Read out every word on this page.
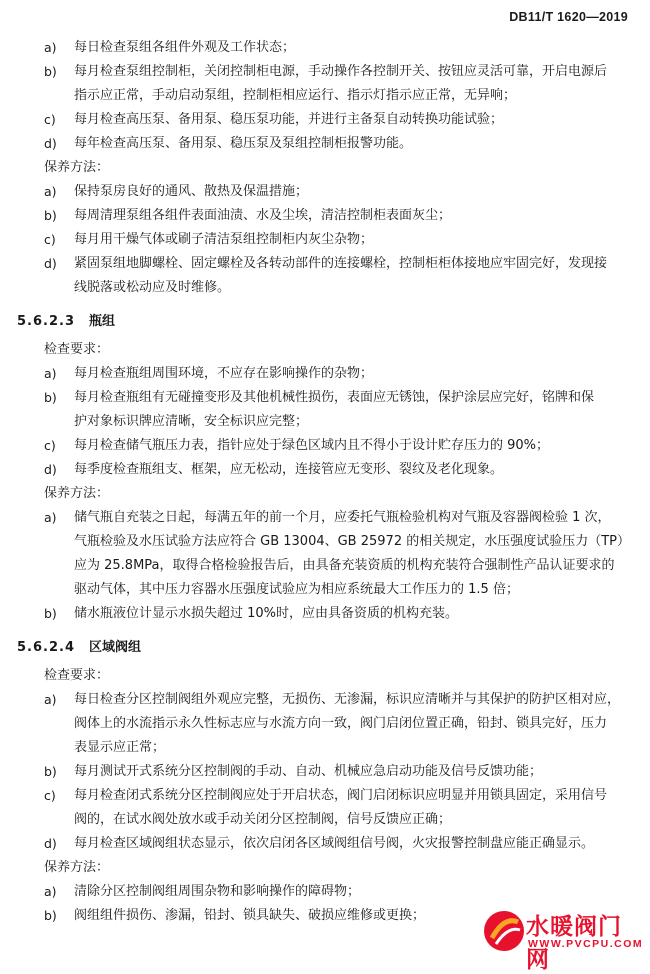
DB11/T 1620—2019
a) 每日检查泵组各组件外观及工作状态；
b) 每月检查泵组控制柜，关闭控制柜电源，手动操作各控制开关、按钮应灵活可靠，开启电源后
指示应正常，手动启动泵组，控制柜相应运行、指示灯指示应正常，无异响；
c) 每月检查高压泵、备用泵、稳压泵功能，并进行主备泵自动转换功能试验；
d) 每年检查高压泵、备用泵、稳压泵及泵组控制柜报警功能。
保养方法：
a) 保持泵房良好的通风、散热及保温措施；
b) 每周清理泵组各组件表面油渍、水及尘埃，清洁控制柜表面灰尘；
c) 每月用干燥气体或刷子清洁泵组控制柜内灰尘杂物；
d) 紧固泵组地脚螺栓、固定螺栓及各转动部件的连接螺栓，控制柜柜体接地应牢固完好，发现接
线脱落或松动应及时维修。
5.6.2.3 瓶组
检查要求：
a) 每月检查瓶组周围环境，不应存在影响操作的杂物；
b) 每月检查瓶组有无碰撞变形及其他机械性损伤，表面应无锈蚀，保护涂层应完好，铭牌和保
护对象标识牌应清晰，安全标识应完整；
c) 每月检查储气瓶压力表，指针应处于绿色区域内且不得小于设计贮存压力的 90%；
d) 每季度检查瓶组支、框架，应无松动，连接管应无变形、裂纹及老化现象。
保养方法：
a) 储气瓶自充装之日起，每满五年的前一个月，应委托气瓶检验机构对气瓶及容器阀检验 1 次，
气瓶检验及水压试验方法应符合 GB 13004、GB 25972 的相关规定，水压强度试验压力（TP）
应为 25.8MPa，取得合格检验报告后，由具备充装资质的机构充装符合强制性产品认证要求的
驱动气体，其中压力容器水压强度试验应为相应系统最大工作压力的 1.5 倍；
b) 储水瓶液位计显示水损失超过 10%时，应由具备资质的机构充装。
5.6.2.4 区域阀组
检查要求：
a) 每日检查分区控制阀组外观应完整，无损伤、无渗漏，标识应清晰并与其保护的防护区相对应，
阀体上的水流指示永久性标志应与水流方向一致，阀门启闭位置正确，铅封、锁具完好，压力
表显示应正常；
b) 每月测试开式系统分区控制阀的手动、自动、机械应急启动功能及信号反馈功能；
c) 每月检查闭式系统分区控制阀应处于开启状态，阀门启闭标识应明显并用锁具固定，采用信号
阀的，在试水阀处放水或手动关闭分区控制阀，信号反馈应正确；
d) 每月检查区域阀组状态显示，依次启闭各区域阀组信号阀，火灾报警控制盘应能正确显示。
保养方法：
a) 清除分区控制阀组周围杂物和影响操作的障碍物；
b) 阀组组件损伤、渗漏，铅封、锁具缺失、破损应维修或更换；	水暖阀门网
WWW.PVCPU.COM
